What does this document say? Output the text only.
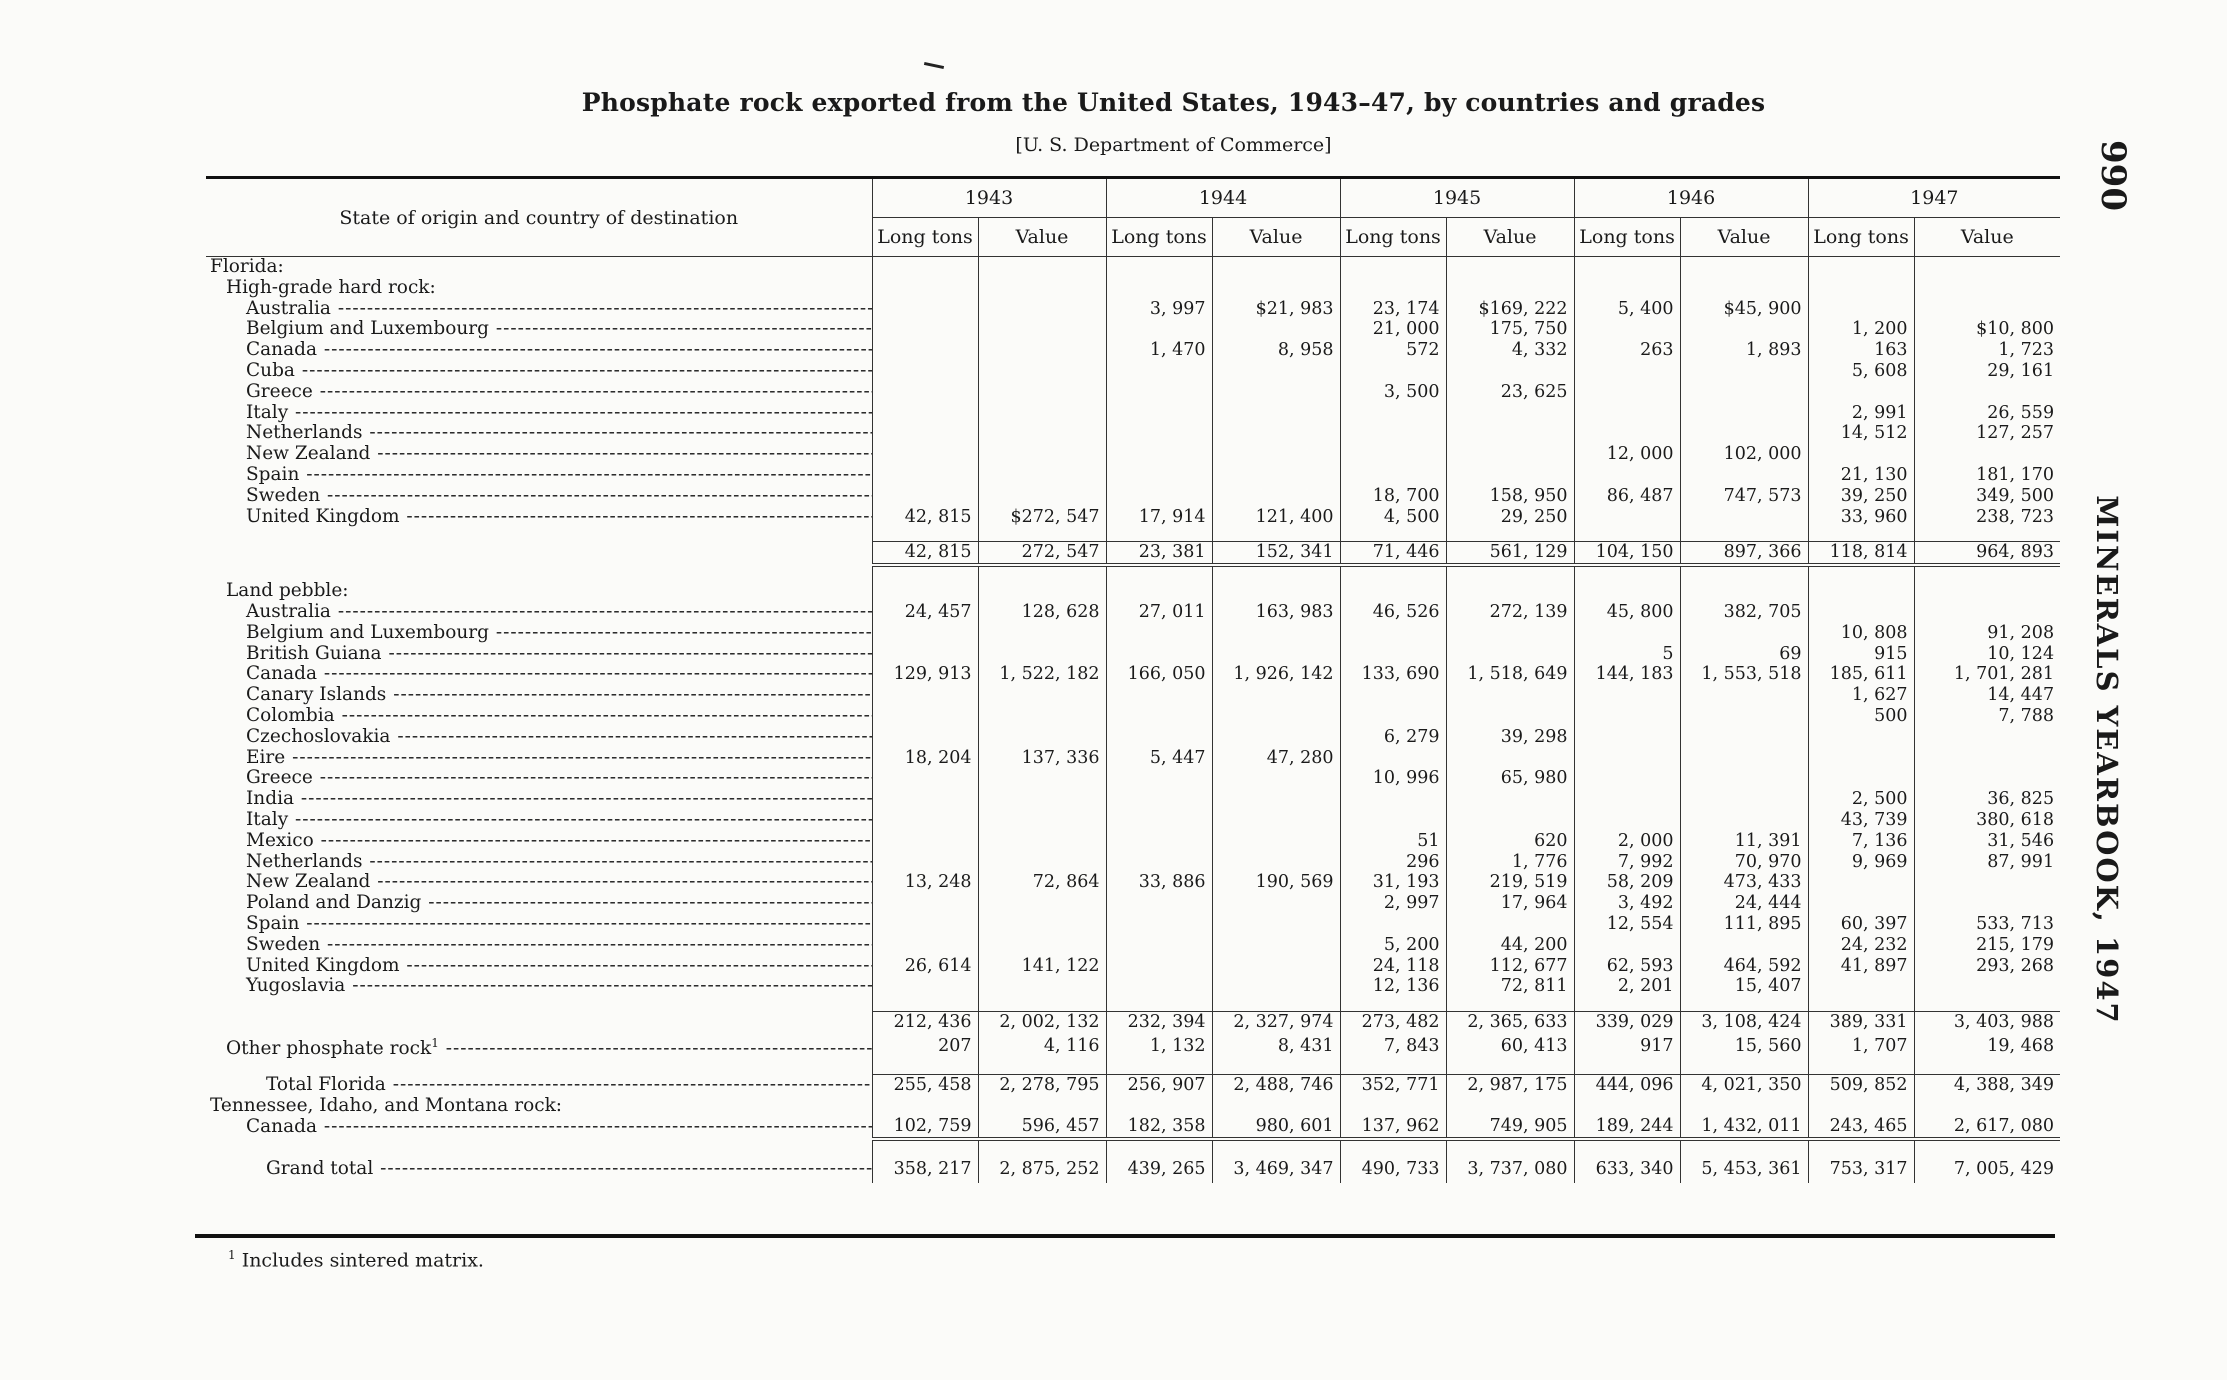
Phosphate rock exported from the United States, 1943–47, by countries and grades
[U. S. Department of Commerce]	990
MINERALS YEARBOOK, 1947
State of origin and country of destination	1943		1944		1945		1946		1947	
	Long tons	Value	Long tons	Value	Long tons	Value	Long tons	Value	Long tons	Value
Florida:										
High-grade hard rock:										
Australia -----			3, 997	$21, 983	23, 174	$169, 222	5, 400	$45, 900		
Belgium and Luxembourg -----					21, 000	175, 750			1, 200	$10, 800
Canada -----			1, 470	8, 958	572	4, 332	263	1, 893	163	1, 723
Cuba -----									5, 608	29, 161
Greece -----					3, 500	23, 625				
Italy -----									2, 991	26, 559
Netherlands -----									14, 512	127, 257
New Zealand -----							12, 000	102, 000		
Spain -----									21, 130	181, 170
Sweden -----					18, 700	158, 950	86, 487	747, 573	39, 250	349, 500
United Kingdom -----	42, 815	$272, 547	17, 914	121, 400	4, 500	29, 250			33, 960	238, 723

	42, 815	272, 547	23, 381	152, 341	71, 446	561, 129	104, 150	897, 366	118, 814	964, 893

Land pebble:										
Australia -----	24, 457	128, 628	27, 011	163, 983	46, 526	272, 139	45, 800	382, 705		
Belgium and Luxembourg -----									10, 808	91, 208
British Guiana -----							5	69	915	10, 124
Canada -----	129, 913	1, 522, 182	166, 050	1, 926, 142	133, 690	1, 518, 649	144, 183	1, 553, 518	185, 611	1, 701, 281
Canary Islands -----									1, 627	14, 447
Colombia -----									500	7, 788
Czechoslovakia -----					6, 279	39, 298				
Eire -----	18, 204	137, 336	5, 447	47, 280						
Greece -----					10, 996	65, 980				
India -----									2, 500	36, 825
Italy -----									43, 739	380, 618
Mexico -----					51	620	2, 000	11, 391	7, 136	31, 546
Netherlands -----					296	1, 776	7, 992	70, 970	9, 969	87, 991
New Zealand -----	13, 248	72, 864	33, 886	190, 569	31, 193	219, 519	58, 209	473, 433		
Poland and Danzig -----					2, 997	17, 964	3, 492	24, 444		
Spain -----							12, 554	111, 895	60, 397	533, 713
Sweden -----					5, 200	44, 200			24, 232	215, 179
United Kingdom -----	26, 614	141, 122			24, 118	112, 677	62, 593	464, 592	41, 897	293, 268
Yugoslavia -----					12, 136	72, 811	2, 201	15, 407		

	212, 436	2, 002, 132	232, 394	2, 327, 974	273, 482	2, 365, 633	339, 029	3, 108, 424	389, 331	3, 403, 988
Other phosphate rock$^1$ -----	207	4, 116	1, 132	8, 431	7, 843	60, 413	917	15, 560	1, 707	19, 468

Total Florida -----	255, 458	2, 278, 795	256, 907	2, 488, 746	352, 771	2, 987, 175	444, 096	4, 021, 350	509, 852	4, 388, 349
Tennessee, Idaho, and Montana rock:										
Canada -----	102, 759	596, 457	182, 358	980, 601	137, 962	749, 905	189, 244	1, 432, 011	243, 465	2, 617, 080

Grand total -----	358, 217	2, 875, 252	439, 265	3, 469, 347	490, 733	3, 737, 080	633, 340	5, 453, 361	753, 317	7, 005, 429
$^1$ Includes sintered matrix.
